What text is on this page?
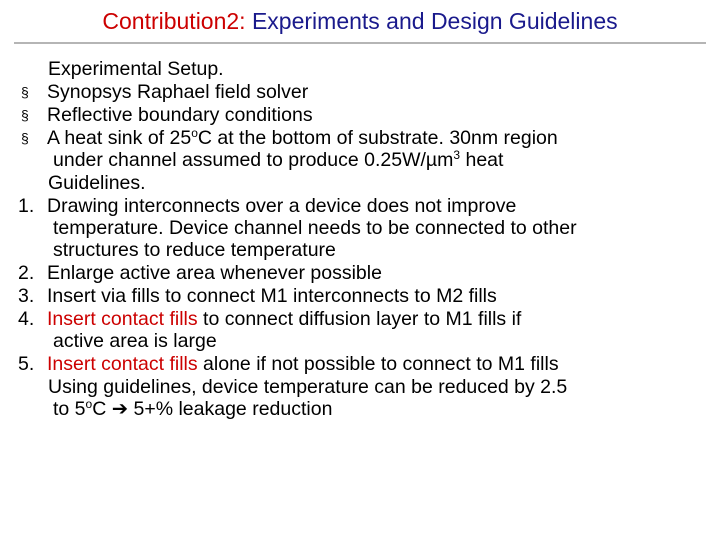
Contribution2: Experiments and Design Guidelines
Experimental Setup.
§ Synopsys Raphael field solver
§ Reflective boundary conditions
§ A heat sink of 25$^o$C at the bottom of substrate. 30nm region
under channel assumed to produce 0.25W/µm$^3$ heat
Guidelines.
1. Drawing interconnects over a device does not improve
temperature. Device channel needs to be connected to other
structures to reduce temperature
2. Enlarge active area whenever possible
3. Insert via fills to connect M1 interconnects to M2 fills
4. Insert contact fills to connect diffusion layer to M1 fills if
active area is large
5. Insert contact fills alone if not possible to connect to M1 fills
Using guidelines, device temperature can be reduced by 2.5
to 5$^o$C ➔ 5+% leakage reduction
